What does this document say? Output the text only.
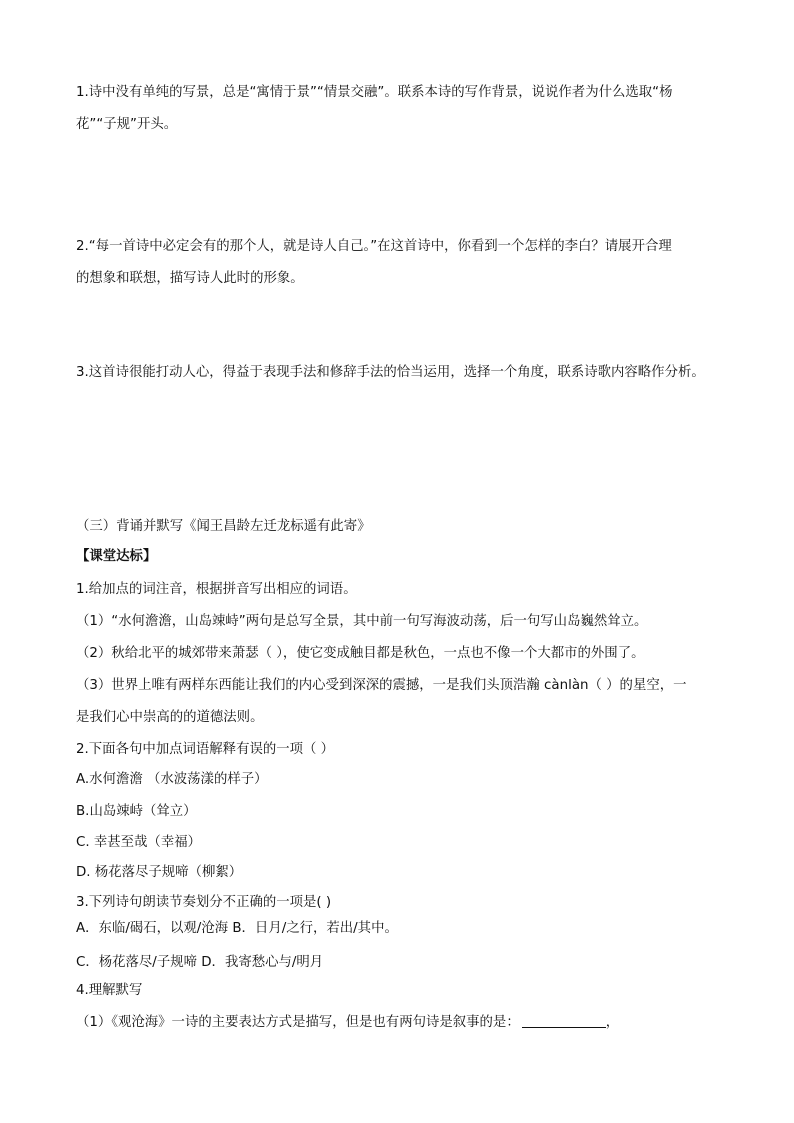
1.诗中没有单纯的写景，总是“寓情于景”“情景交融”。联系本诗的写作背景，说说作者为什么选取“杨
花”“子规”开头。
2.“每一首诗中必定会有的那个人，就是诗人自己。”在这首诗中，你看到一个怎样的李白？请展开合理
的想象和联想，描写诗人此时的形象。
3.这首诗很能打动人心，得益于表现手法和修辞手法的恰当运用，选择一个角度，联系诗歌内容略作分析。
（三）背诵并默写《闻王昌龄左迁龙标遥有此寄》
【课堂达标】
1.给加点的词注音，根据拼音写出相应的词语。
（1）“水何澹澹，山岛竦峙”两句是总写全景，其中前一句写海波动荡，后一句写山岛巍然耸立。
（2）秋给北平的城郊带来萧瑟（ ），使它变成触目都是秋色，一点也不像一个大都市的外围了。
（3）世界上唯有两样东西能让我们的内心受到深深的震撼，一是我们头顶浩瀚 cànlàn（ ）的星空，一
是我们心中崇高的的道德法则。
2.下面各句中加点词语解释有误的一项（ ）
A.水何澹澹 （水波荡漾的样子）
B.山岛竦峙（耸立）
C. 幸甚至哉（幸福）
D. 杨花落尽子规啼（柳絮）
3.下列诗句朗读节奏划分不正确的一项是( )
A．东临/碣石，以观/沧海 B．日月/之行，若出/其中。
C．杨花落尽/子规啼 D．我寄愁心与/明月
4.理解默写
（1）《观沧海》一诗的主要表达方式是描写，但是也有两句诗是叙事的是：	，
